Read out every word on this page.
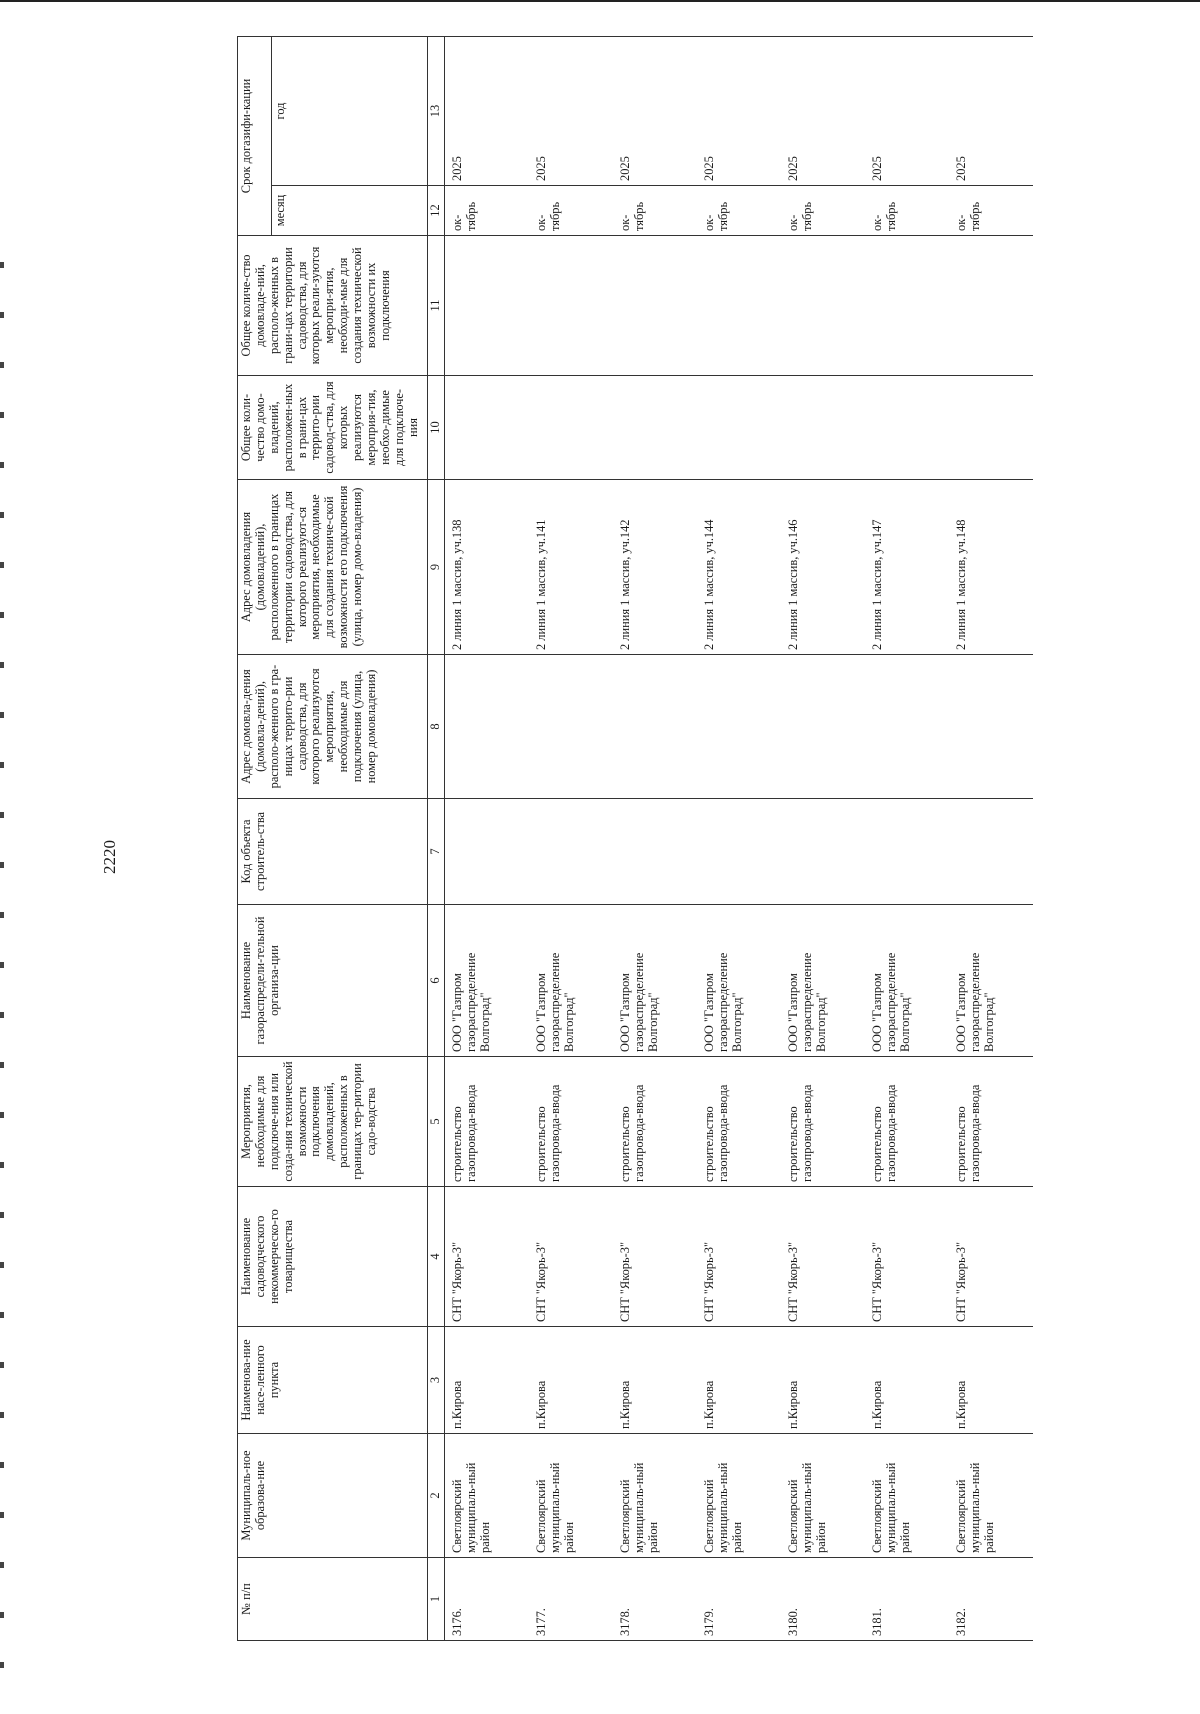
2220

№ п/п	Муниципаль-ное образова-ние	Наименова-ние насе-ленного пункта	Наименование садоводческого некоммерческо-го товарищества	Мероприятия, необходимые для подключе-ния или созда-ния технической возможности подключения домовладений, расположенных в границах тер-ритории садо-водства	Наименование газораспредели-тельной организа-ции	Код объекта строитель-ства	Адрес домовла-дения (домовла-дений), располо-женного в гра-ницах террито-рии садоводства, для которого реализуются мероприятия, необходимые для подключения (улица, номер домовладения)	Адрес домовладения (домовладений), расположенного в границах территории садоводства, для которого реализуют-ся мероприятия, необходимые для создания техниче-ской возможности его подключения (улица, номер домо-владения)	Общее коли-чество домо-владений, расположен-ных в грани-цах террито-рии садовод-ства, для которых реализуются мероприя-тия, необхо-димые для подключе-ния	Общее количе-ство домовладе-ний, располо-женных в грани-цах территории садоводства, для которых реали-зуются меропри-ятия, необходи-мые для создания технической возможности их подключения	Срок догазифи-кации	
											месяц	год
1	2	3	4	5	6	7	8	9	10	11	12	13
3176.	Светлоярский муниципаль-ный район	п.Кирова	СНТ "Якорь-3"	строительство газопровода-ввода	ООО "Газпром газораспределение Волгоград"			2 линия 1 массив, уч.138			ок-тябрь	2025
3177.	Светлоярский муниципаль-ный район	п.Кирова	СНТ "Якорь-3"	строительство газопровода-ввода	ООО "Газпром газораспределение Волгоград"			2 линия 1 массив, уч.141			ок-тябрь	2025
3178.	Светлоярский муниципаль-ный район	п.Кирова	СНТ "Якорь-3"	строительство газопровода-ввода	ООО "Газпром газораспределение Волгоград"			2 линия 1 массив, уч.142			ок-тябрь	2025
3179.	Светлоярский муниципаль-ный район	п.Кирова	СНТ "Якорь-3"	строительство газопровода-ввода	ООО "Газпром газораспределение Волгоград"			2 линия 1 массив, уч.144			ок-тябрь	2025
3180.	Светлоярский муниципаль-ный район	п.Кирова	СНТ "Якорь-3"	строительство газопровода-ввода	ООО "Газпром газораспределение Волгоград"			2 линия 1 массив, уч.146			ок-тябрь	2025
3181.	Светлоярский муниципаль-ный район	п.Кирова	СНТ "Якорь-3"	строительство газопровода-ввода	ООО "Газпром газораспределение Волгоград"			2 линия 1 массив, уч.147			ок-тябрь	2025
3182.	Светлоярский муниципаль-ный район	п.Кирова	СНТ "Якорь-3"	строительство газопровода-ввода	ООО "Газпром газораспределение Волгоград"			2 линия 1 массив, уч.148			ок-тябрь	2025
